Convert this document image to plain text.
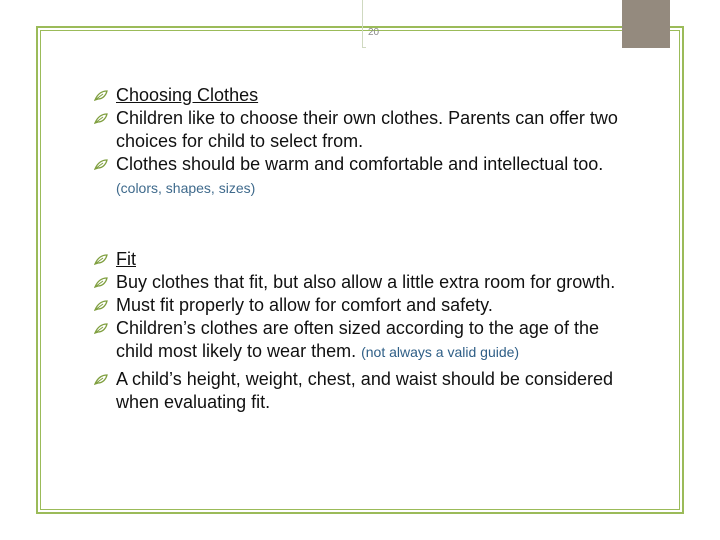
20
Choosing Clothes
Children like to choose their own clothes. Parents can offer two choices for child to select from.
Clothes should be warm and comfortable and intellectual too. (colors, shapes, sizes)
Fit
Buy clothes that fit, but also allow a little extra room for growth.
Must fit properly to allow for comfort and safety.
Children’s clothes are often sized according to the age of the child most likely to wear them. (not always a valid guide)
A child’s height, weight, chest, and waist should be considered when evaluating fit.
